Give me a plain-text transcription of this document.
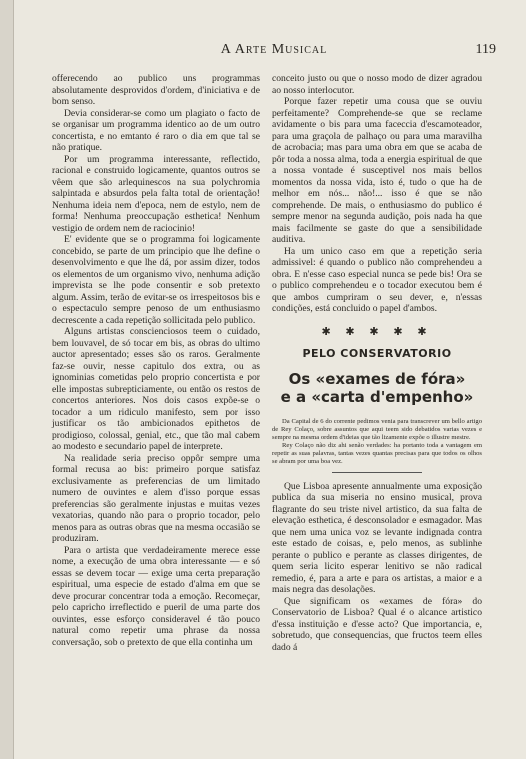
A Arte Musical	119

offerecendo ao publico uns programmas absolutamente desprovidos d'ordem, d'iniciativa e de bom senso.

Devia considerar-se como um plagiato o facto de se organisar um programma identico ao de um outro concertista, e no emtanto é raro o dia em que tal se não pratique.

Por um programma interessante, reflectido, racional e construido logicamente, quantos outros se vêem que são arlequinescos na sua polychromia salpintada e absurdos pela falta total de orientação! Nenhuma ideia nem d'epoca, nem de estylo, nem de forma! Nenhuma preoccupação esthetica! Nenhum vestigio de ordem nem de raciocinio!

E' evidente que se o programma foi logicamente concebido, se parte de um principio que lhe define o desenvolvimento e que lhe dá, por assim dizer, todos os elementos de um organismo vivo, nenhuma adição imprevista se lhe pode consentir e sob pretexto algum. Assim, terão de evitar-se os irrespeitosos bis e o espectaculo sempre penoso de um enthusiasmo decrescente a cada repetição sollicitada pelo publico.

Alguns artistas conscienciosos teem o cuidado, bem louvavel, de só tocar em bis, as obras do ultimo auctor apresentado; esses são os raros. Geralmente faz-se ouvir, nesse capitulo dos extra, ou as ignominias cometidas pelo proprio concertista e por elle impostas subrepticiamente, ou então os restos de concertos anteriores. Nos dois casos expõe-se o tocador a um ridiculo manifesto, sem por isso justificar os tão ambicionados epithetos de prodigioso, colossal, genial, etc., que tão mal cabem ao modesto e secundario papel de interprete.

Na realidade seria preciso oppôr sempre uma formal recusa ao bis: primeiro porque satisfaz exclusivamente as preferencias de um limitado numero de ouvintes e alem d'isso porque essas preferencias são geralmente injustas e muitas vezes vexatorias, quando não para o proprio tocador, pelo menos para as outras obras que na mesma occasião se produziram.

Para o artista que verdadeiramente merece esse nome, a execução de uma obra interessante — e só essas se devem tocar — exige uma certa preparação espiritual, uma especie de estado d'alma em que se deve procurar concentrar toda a emoção. Recomeçar, pelo capricho irreflectido e pueril de uma parte dos ouvintes, esse esforço consideravel é tão pouco natural como repetir uma phrase da nossa conversação, sob o pretexto de que ella continha um

conceito justo ou que o nosso modo de dizer agradou ao nosso interlocutor.

Porque fazer repetir uma cousa que se ouviu perfeitamente? Comprehende-se que se reclame avidamente o bis para uma faceccia d'escamoteador, para uma graçola de palhaço ou para uma maravilha de acrobacia; mas para uma obra em que se acaba de pôr toda a nossa alma, toda a energia espiritual de que a nossa vontade é susceptivel nos mais bellos momentos da nossa vida, isto é, tudo o que ha de melhor em nós... não!... isso é que se não comprehende. De mais, o enthusiasmo do publico é sempre menor na segunda audição, pois nada ha que mais facilmente se gaste do que a sensibilidade auditiva.

Ha um unico caso em que a repetição seria admissivel: é quando o publico não comprehendeu a obra. E n'esse caso especial nunca se pede bis! Ora se o publico comprehendeu e o tocador executou bem é que ambos cumpriram o seu dever, e, n'essas condições, está concluido o papel d'ambos.

✱ ✱ ✱ ✱ ✱
PELO CONSERVATORIO
Os «exames de fóra»
e a «carta d'empenho»

Da Capital de 6 do corrente pedimos venia para transcrever um bello artigo de Rey Colaço, sobre assuntos que aqui teem sido debatidos varias vezes e sempre na mesma ordem d'ideias que tão lizamente expõe o illustre mestre.

Rey Colaço não diz ahi senão verdades: ha portanto toda a vantagem em repetir as suas palavras, tantas vezes quantas precisas para que todos os olhos se abram por uma boa vez.

Que Lisboa apresente annualmente uma exposição publica da sua miseria no ensino musical, prova flagrante do seu triste nivel artistico, da sua falta de elevação esthetica, é desconsolador e esmagador. Mas que nem uma unica voz se levante indignada contra este estado de coisas, e, pelo menos, as sublinhe perante o publico e perante as classes dirigentes, de quem seria licito esperar lenitivo se não radical remedio, é, para a arte e para os artistas, a maior e a mais negra das desolações.

Que significam os «exames de fóra» do Conservatorio de Lisboa? Qual é o alcance artistico d'essa instituição e d'esse acto? Que importancia, e, sobretudo, que consequencias, que fructos teem elles dado á
